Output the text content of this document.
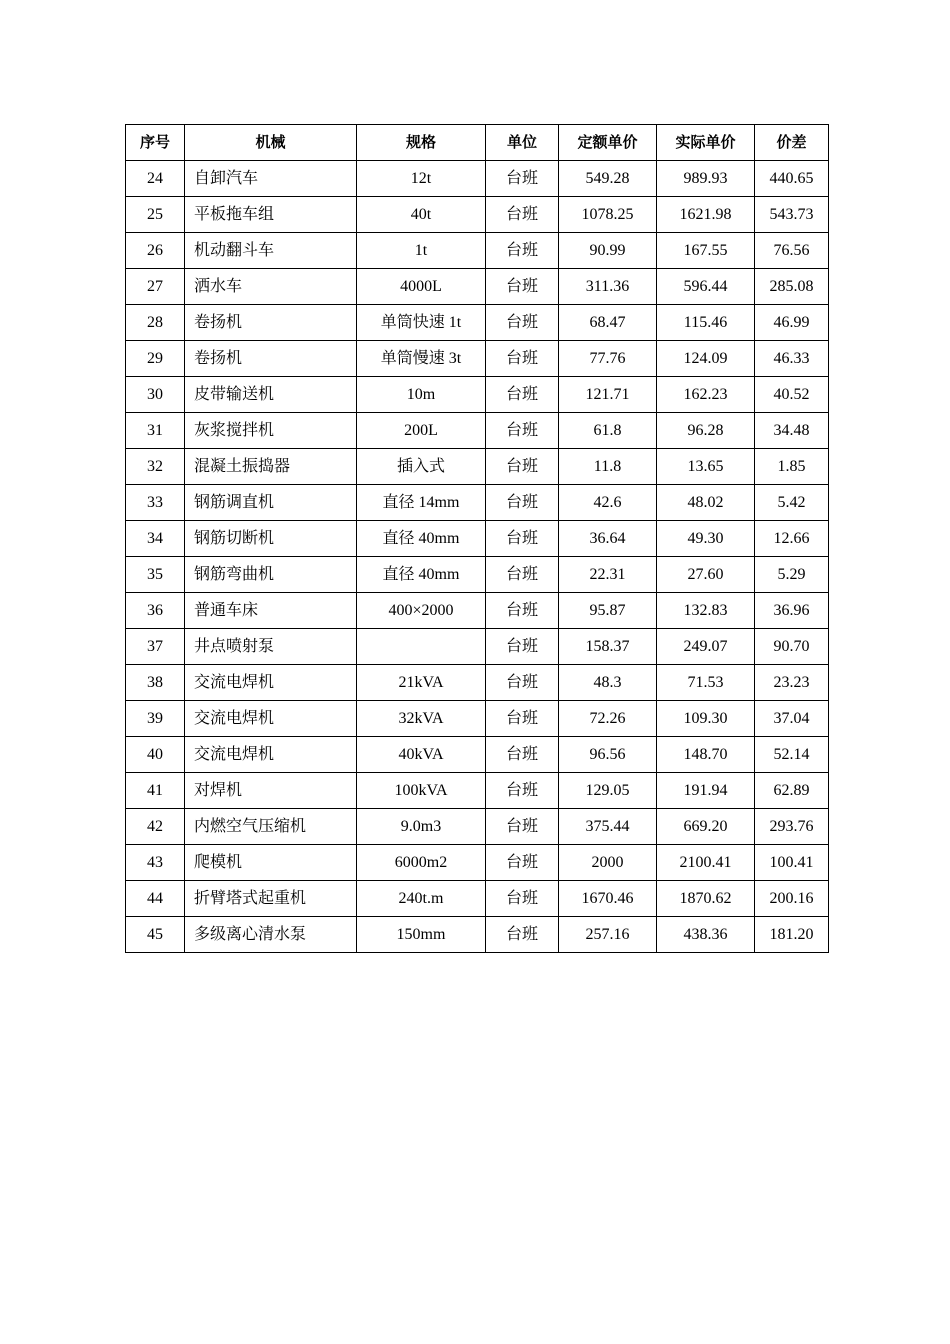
序号	机械	规格	单位	定额单价	实际单价	价差
24	自卸汽车	12t	台班	549.28	989.93	440.65
25	平板拖车组	40t	台班	1078.25	1621.98	543.73
26	机动翻斗车	1t	台班	90.99	167.55	76.56
27	洒水车	4000L	台班	311.36	596.44	285.08
28	卷扬机	单筒快速 1t	台班	68.47	115.46	46.99
29	卷扬机	单筒慢速 3t	台班	77.76	124.09	46.33
30	皮带输送机	10m	台班	121.71	162.23	40.52
31	灰浆搅拌机	200L	台班	61.8	96.28	34.48
32	混凝土振捣器	插入式	台班	11.8	13.65	1.85
33	钢筋调直机	直径 14mm	台班	42.6	48.02	5.42
34	钢筋切断机	直径 40mm	台班	36.64	49.30	12.66
35	钢筋弯曲机	直径 40mm	台班	22.31	27.60	5.29
36	普通车床	400×2000	台班	95.87	132.83	36.96
37	井点喷射泵		台班	158.37	249.07	90.70
38	交流电焊机	21kVA	台班	48.3	71.53	23.23
39	交流电焊机	32kVA	台班	72.26	109.30	37.04
40	交流电焊机	40kVA	台班	96.56	148.70	52.14
41	对焊机	100kVA	台班	129.05	191.94	62.89
42	内燃空气压缩机	9.0m3	台班	375.44	669.20	293.76
43	爬模机	6000m2	台班	2000	2100.41	100.41
44	折臂塔式起重机	240t.m	台班	1670.46	1870.62	200.16
45	多级离心清水泵	150mm	台班	257.16	438.36	181.20
